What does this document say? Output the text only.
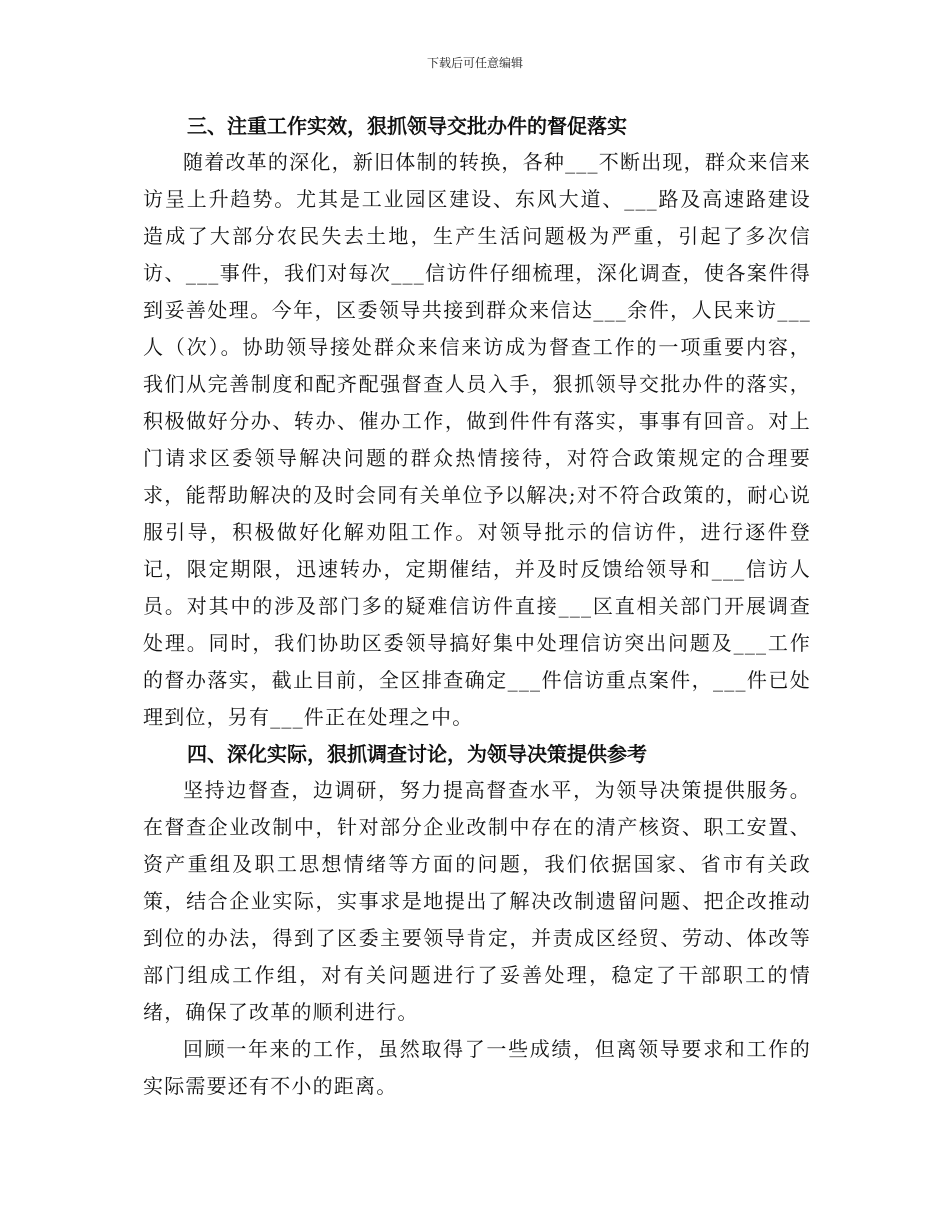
下载后可任意编辑

三、注重工作实效，狠抓领导交批办件的督促落实

随着改革的深化，新旧体制的转换，各种___不断出现，群众来信来访呈上升趋势。尤其是工业园区建设、东风大道、___路及高速路建设造成了大部分农民失去土地，生产生活问题极为严重，引起了多次信访、___事件，我们对每次___信访件仔细梳理，深化调查，使各案件得到妥善处理。今年，区委领导共接到群众来信达___余件，人民来访___人（次）。协助领导接处群众来信来访成为督查工作的一项重要内容，我们从完善制度和配齐配强督查人员入手，狠抓领导交批办件的落实，积极做好分办、转办、催办工作，做到件件有落实，事事有回音。对上门请求区委领导解决问题的群众热情接待，对符合政策规定的合理要求，能帮助解决的及时会同有关单位予以解决;对不符合政策的，耐心说服引导，积极做好化解劝阻工作。对领导批示的信访件，进行逐件登记，限定期限，迅速转办，定期催结，并及时反馈给领导和___信访人员。对其中的涉及部门多的疑难信访件直接___区直相关部门开展调查处理。同时，我们协助区委领导搞好集中处理信访突出问题及___工作的督办落实，截止目前，全区排查确定___件信访重点案件，___件已处理到位，另有___件正在处理之中。

四、深化实际，狠抓调查讨论，为领导决策提供参考

坚持边督查，边调研，努力提高督查水平，为领导决策提供服务。在督查企业改制中，针对部分企业改制中存在的清产核资、职工安置、资产重组及职工思想情绪等方面的问题，我们依据国家、省市有关政策，结合企业实际，实事求是地提出了解决改制遗留问题、把企改推动到位的办法，得到了区委主要领导肯定，并责成区经贸、劳动、体改等部门组成工作组，对有关问题进行了妥善处理，稳定了干部职工的情绪，确保了改革的顺利进行。

回顾一年来的工作，虽然取得了一些成绩，但离领导要求和工作的实际需要还有不小的距离。
